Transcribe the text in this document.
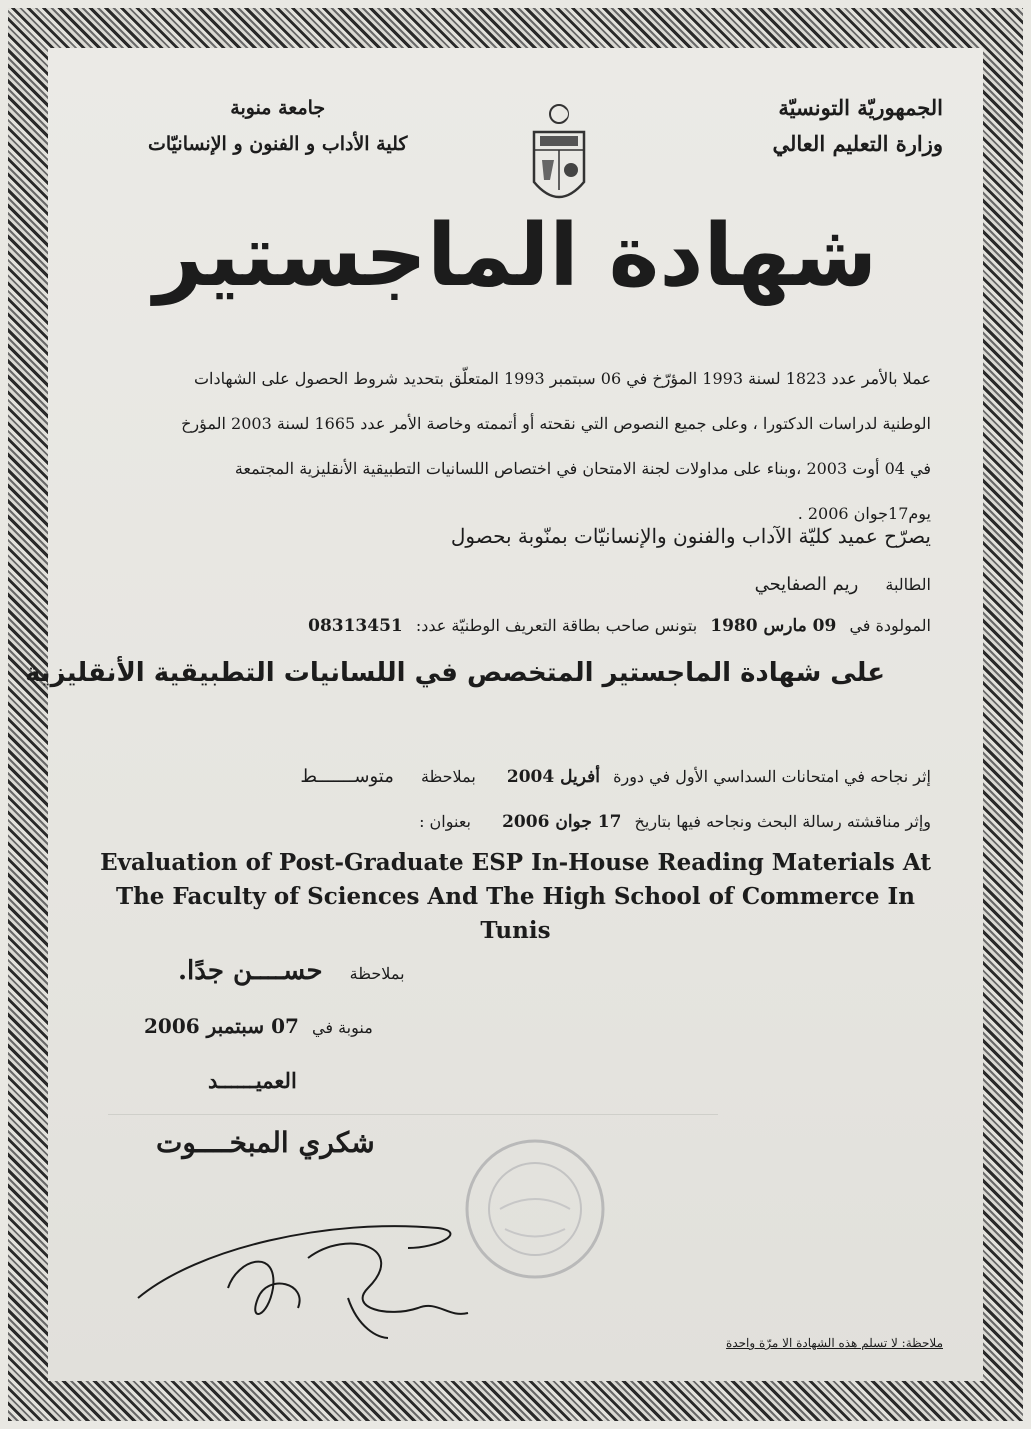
الجمهوريّة التونسيّة
وزارة التعليم العالي
جامعة منوبة
كلية الأداب و الفنون و الإنسانيّات
شهادة الماجستير
عملا بالأمر عدد 1823 لسنة 1993 المؤرّخ في 06 سبتمبر 1993 المتعلّق بتحديد شروط الحصول على الشهادات
الوطنية لدراسات الدكتورا ، وعلى جميع النصوص التي نقحته أو أتممته وخاصة الأمر عدد 1665 لسنة 2003 المؤرخ
في 04 أوت 2003 ،وبناء على مداولات لجنة الامتحان في اختصاص اللسانيات التطبيقية الأنقليزية المجتمعة
يوم17جوان 2006 .
يصرّح عميد كليّة الآداب والفنون والإنسانيّات بمنّوبة بحصول
الطالبة ريم الصفايحي
المولودة في 09 مارس 1980 بتونس صاحب بطاقة التعريف الوطنيّة عدد: 08313451
على شهادة الماجستير المتخصص في اللسانيات التطبيقية الأنقليزية
إثر نجاحه في امتحانات السداسي الأول في دورة أفريل 2004 بملاحظة متوســـــــط
وإثر مناقشته رسالة البحث ونجاحه فيها بتاريخ 17 جوان 2006 بعنوان :
Evaluation of Post-Graduate ESP In-House Reading Materials At The Faculty of Sciences And The High School of Commerce In Tunis
بملاحظة حســــن جدًا.
منوبة في 07 سبتمبر 2006
العميــــــد
شكري المبخــــوت
ملاحظة: لا تسلم هذه الشهادة الا مرّة واحدة
